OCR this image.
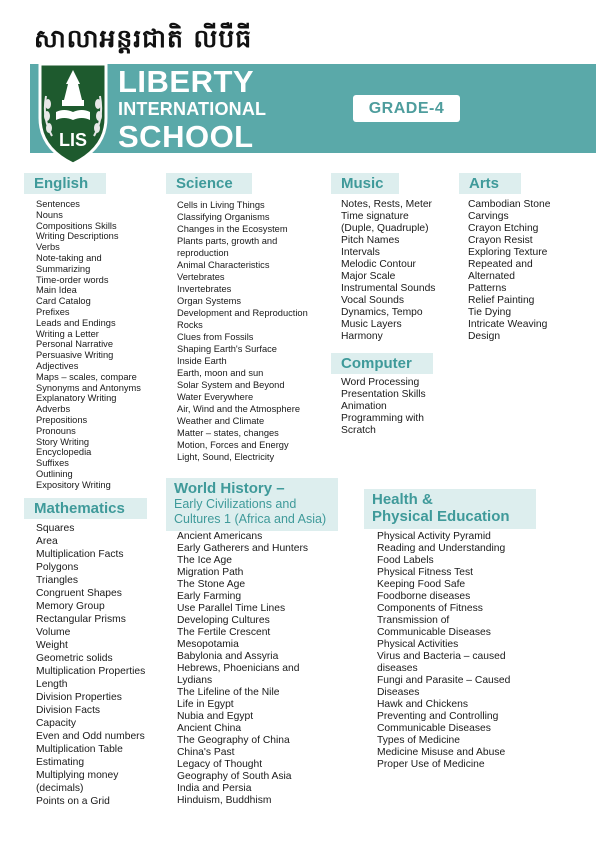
សាលាអន្តរជាតិ លីបឺធី
LIS
LIBERTY
INTERNATIONAL
SCHOOL
GRADE-4
English
Sentences
Nouns
Compositions Skills
Writing Descriptions
Verbs
Note-taking and
Summarizing
Time-order words
Main Idea
Card Catalog
Prefixes
Leads and Endings
Writing a Letter
Personal Narrative
Persuasive Writing
Adjectives
Maps – scales, compare
Synonyms and Antonyms
Explanatory Writing
Adverbs
Prepositions
Pronouns
Story Writing
Encyclopedia
Suffixes
Outlining
Expository Writing
Science
Cells in Living Things
Classifying Organisms
Changes in the Ecosystem
Plants parts, growth and
reproduction
Animal Characteristics
Vertebrates
Invertebrates
Organ Systems
Development and Reproduction
Rocks
Clues from Fossils
Shaping Earth's Surface
Inside Earth
Earth, moon and sun
Solar System and Beyond
Water Everywhere
Air, Wind and the Atmosphere
Weather and Climate
Matter – states, changes
Motion, Forces and Energy
Light, Sound, Electricity
Music
Notes, Rests, Meter
Time signature
(Duple, Quadruple)
Pitch Names
Intervals
Melodic Contour
Major Scale
Instrumental Sounds
Vocal Sounds
Dynamics, Tempo
Music Layers
Harmony
Arts
Cambodian Stone
Carvings
Crayon Etching
Crayon Resist
Exploring Texture
Repeated and
Alternated
Patterns
Relief Painting
Tie Dying
Intricate Weaving
Design
Computer
Word Processing
Presentation Skills
Animation
Programming with
Scratch
Mathematics
Squares
Area
Multiplication Facts
Polygons
Triangles
Congruent Shapes
Memory Group
Rectangular Prisms
Volume
Weight
Geometric solids
Multiplication Properties
Length
Division Properties
Division Facts
Capacity
Even and Odd numbers
Multiplication Table
Estimating
Multiplying money
(decimals)
Points on a Grid
World History –
Early Civilizations and
Cultures 1 (Africa and Asia)
Ancient Americans
Early Gatherers and Hunters
The Ice Age
Migration Path
The Stone Age
Early Farming
Use Parallel Time Lines
Developing Cultures
The Fertile Crescent
Mesopotamia
Babylonia and Assyria
Hebrews, Phoenicians and
Lydians
The Lifeline of the Nile
Life in Egypt
Nubia and Egypt
Ancient China
The Geography of China
China's Past
Legacy of Thought
Geography of South Asia
India and Persia
Hinduism, Buddhism
Health &
Physical Education
Physical Activity Pyramid
Reading and Understanding
Food Labels
Physical Fitness Test
Keeping Food Safe
Foodborne diseases
Components of Fitness
Transmission of
Communicable Diseases
Physical Activities
Virus and Bacteria – caused
diseases
Fungi and Parasite – Caused
Diseases
Hawk and Chickens
Preventing and Controlling
Communicable Diseases
Types of Medicine
Medicine Misuse and Abuse
Proper Use of Medicine
